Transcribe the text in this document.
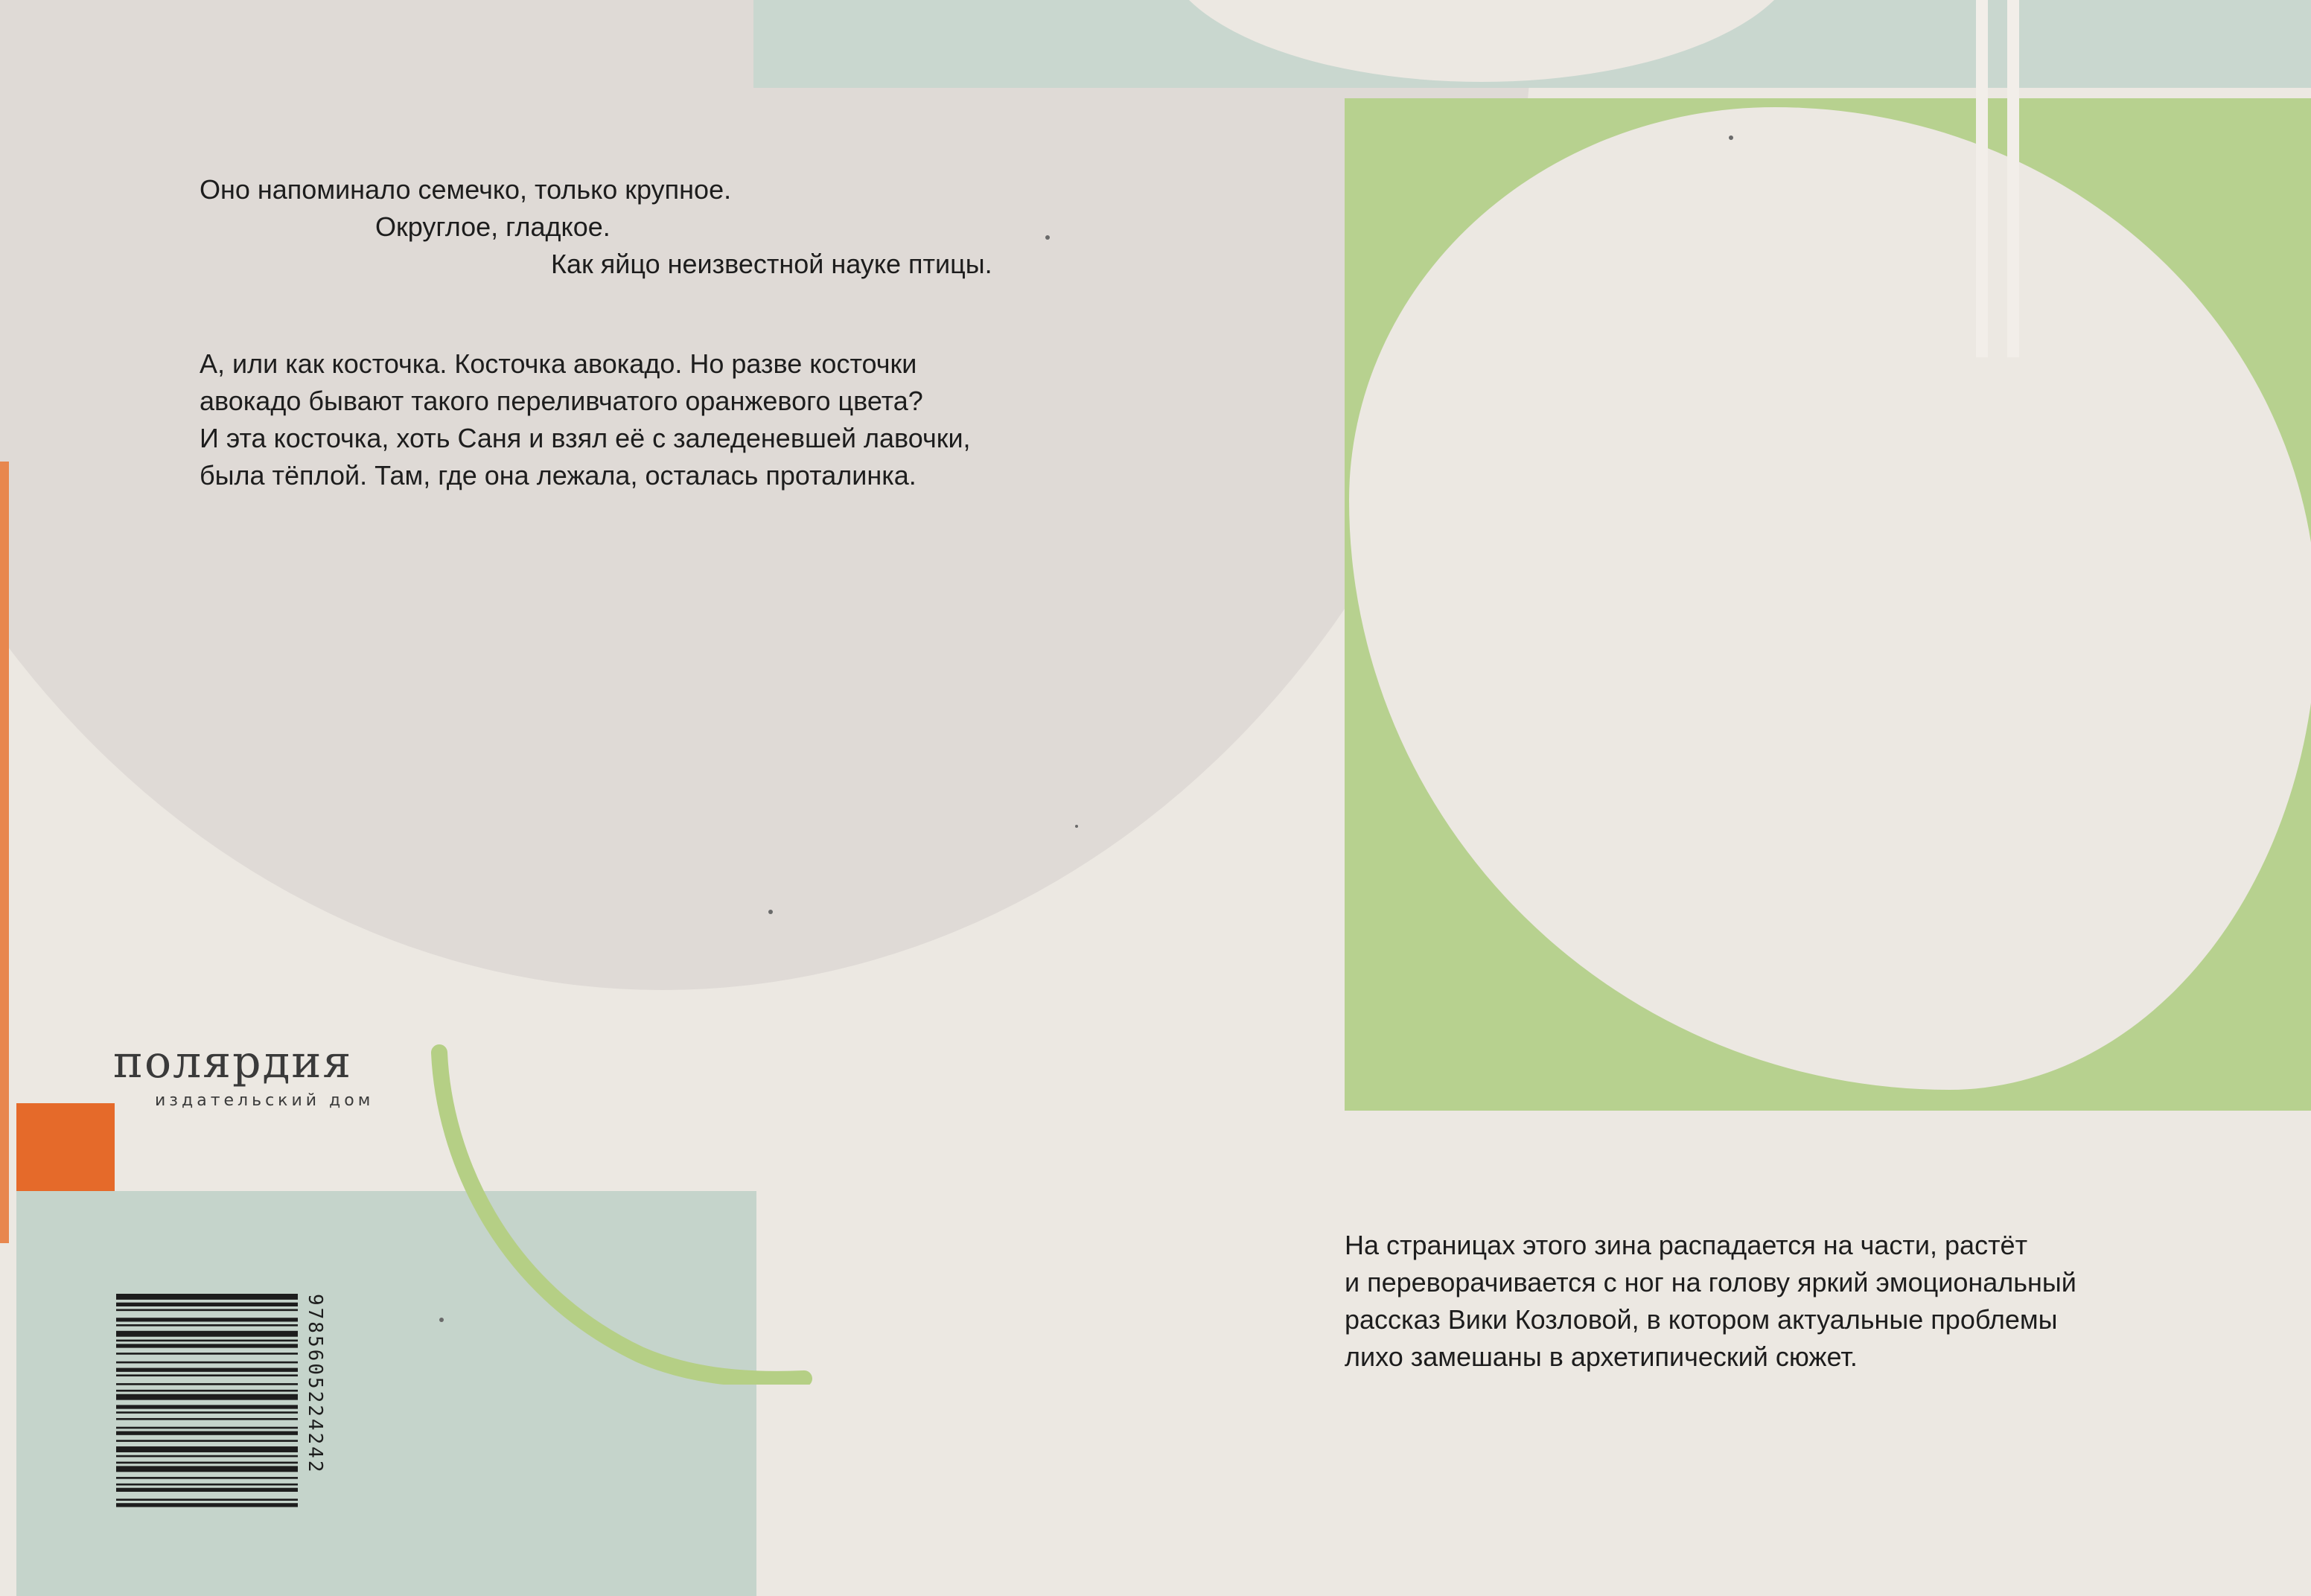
Оно напоминало семечко, только крупное.
Округлое, гладкое.
Как яйцо неизвестной науке птицы.
А, или как косточка. Косточка авокадо. Но разве косточки
авокадо бывают такого переливчатого оранжевого цвета?
И эта косточка, хоть Саня и взял её с заледеневшей лавочки,
была тёплой. Там, где она лежала, осталась проталинка.
На страницах этого зина распадается на части, растёт
и переворачивается с ног на голову яркий эмоциональный
рассказ Вики Козловой, в котором актуальные проблемы
лихо замешаны в архетипический сюжет.
полярдия
издательский дом
9785605224242
